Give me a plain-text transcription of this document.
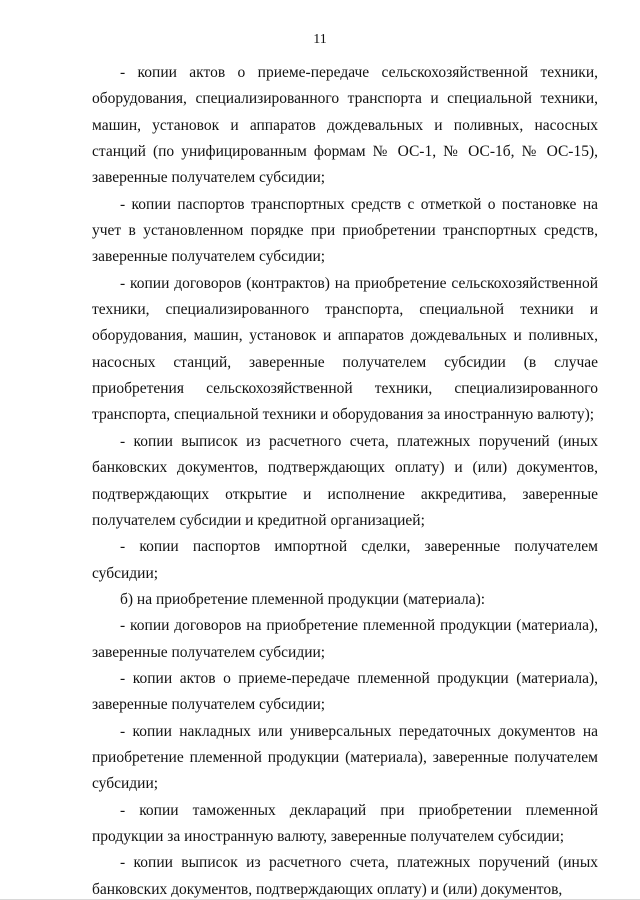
11

- копии актов о приеме-передаче сельскохозяйственной техники, оборудования, специализированного транспорта и специальной техники, машин, установок и аппаратов дождевальных и поливных, насосных станций (по унифицированным формам № ОС-1, № ОС-1б, № ОС-15), заверенные получателем субсидии;

- копии паспортов транспортных средств с отметкой о постановке на учет в установленном порядке при приобретении транспортных средств, заверенные получателем субсидии;

- копии договоров (контрактов) на приобретение сельскохозяйственной техники, специализированного транспорта, специальной техники и оборудования, машин, установок и аппаратов дождевальных и поливных, насосных станций, заверенные получателем субсидии (в случае приобретения сельскохозяйственной техники, специализированного транспорта, специальной техники и оборудования за иностранную валюту);

- копии выписок из расчетного счета, платежных поручений (иных банковских документов, подтверждающих оплату) и (или) документов, подтверждающих открытие и исполнение аккредитива, заверенные получателем субсидии и кредитной организацией;

- копии паспортов импортной сделки, заверенные получателем субсидии;

б) на приобретение племенной продукции (материала):

- копии договоров на приобретение племенной продукции (материала), заверенные получателем субсидии;

- копии актов о приеме-передаче племенной продукции (материала), заверенные получателем субсидии;

- копии накладных или универсальных передаточных документов на приобретение племенной продукции (материала), заверенные получателем субсидии;

- копии таможенных деклараций при приобретении племенной продукции за иностранную валюту, заверенные получателем субсидии;

- копии выписок из расчетного счета, платежных поручений (иных банковских документов, подтверждающих оплату) и (или) документов,
